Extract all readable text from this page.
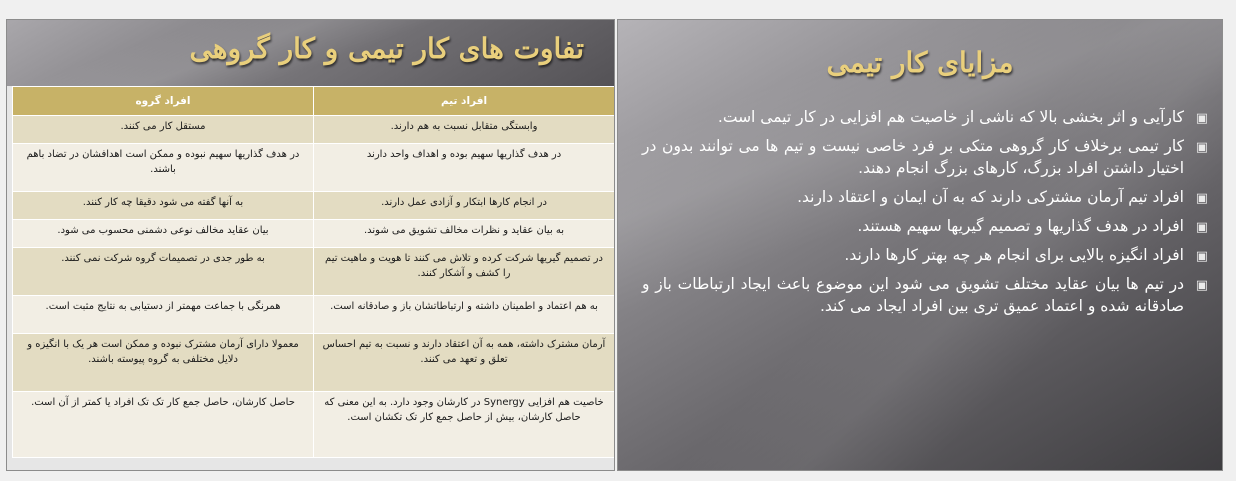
تفاوت های کار تیمی و کار گروهی
افراد تیم	افراد گروه
وابستگی متقابل نسبت به هم دارند.	مستقل کار می کنند.
در هدف گذاریها سهیم بوده و اهداف واحد دارند	در هدف گذاریها سهیم نبوده و ممکن است اهدافشان در تضاد باهم باشند.
در انجام کارها ابتکار و آزادی عمل دارند.	به آنها گفته می شود دقیقا چه کار کنند.
به بیان عقاید و نظرات مخالف تشویق می شوند.	بیان عقاید مخالف نوعی دشمنی محسوب می شود.
در تصمیم گیریها شرکت کرده و تلاش می کنند تا هویت و ماهیت تیم را کشف و آشکار کنند.	به طور جدی در تصمیمات گروه شرکت نمی کنند.
به هم اعتماد و اطمینان داشته و ارتباطاتشان باز و صادقانه است.	همرنگی با جماعت مهمتر از دستیابی به نتایج مثبت است.
آرمان مشترک داشته، همه به آن اعتقاد دارند و نسبت به تیم احساس تعلق و تعهد می کنند.	معمولا دارای آرمان مشترک نبوده و ممکن است هر یک با انگیزه و دلایل مختلفی به گروه پیوسته باشند.
خاصیت هم افزایی Synergy در کارشان وجود دارد. به این معنی که حاصل کارشان، بیش از حاصل جمع کار تک تکشان است.	حاصل کارشان، حاصل جمع کار تک تک افراد یا کمتر از آن است.
مزایای کار تیمی
▣
کارآیی و اثر بخشی بالا که ناشی از خاصیت هم افزایی در کار تیمی است.
▣
کار تیمی برخلاف کار گروهی متکی بر فرد خاصی نیست و تیم ها می توانند بدون در اختیار داشتن افراد بزرگ، کارهای بزرگ انجام دهند.
▣
افراد تیم آرمان مشترکی دارند که به آن ایمان و اعتقاد دارند.
▣
افراد در هدف گذاریها و تصمیم گیریها سهیم هستند.
▣
افراد انگیزه بالایی برای انجام هر چه بهتر کارها دارند.
▣
در تیم ها بیان عقاید مختلف تشویق می شود این موضوع باعث ایجاد ارتباطات باز و صادقانه شده و اعتماد عمیق تری بین افراد ایجاد می کند.
